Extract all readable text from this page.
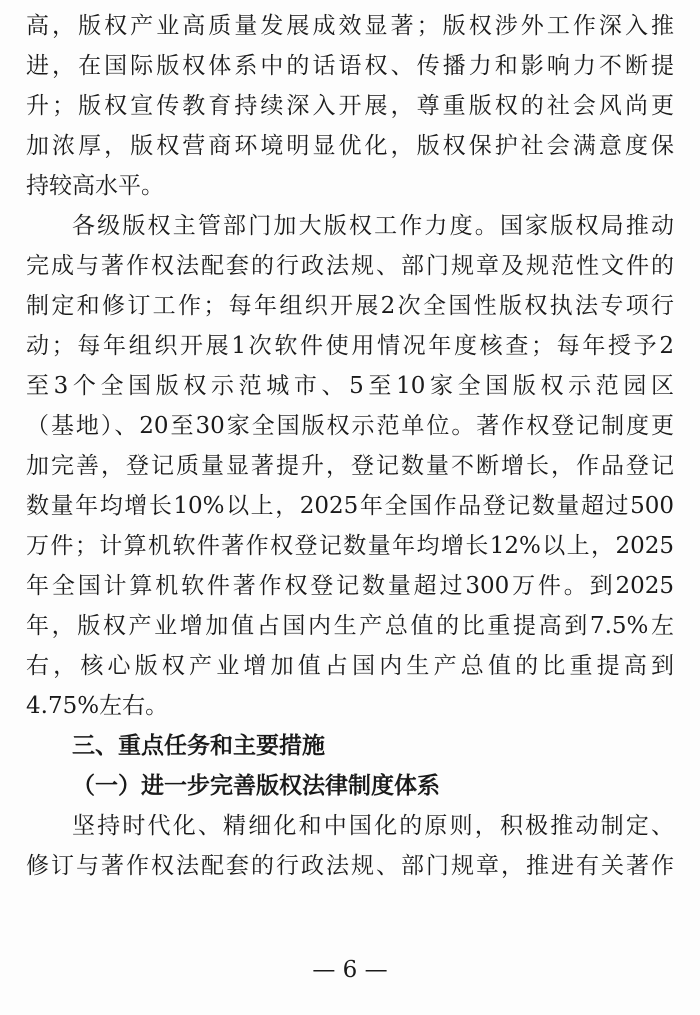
高，版权产业高质量发展成效显著；版权涉外工作深入推
进，在国际版权体系中的话语权、传播力和影响力不断提
升；版权宣传教育持续深入开展，尊重版权的社会风尚更
加浓厚，版权营商环境明显优化，版权保护社会满意度保
持较高水平。
各级版权主管部门加大版权工作力度。国家版权局推动
完成与著作权法配套的行政法规、部门规章及规范性文件的
制定和修订工作；每年组织开展2次全国性版权执法专项行
动；每年组织开展1次软件使用情况年度核查；每年授予2
至3个全国版权示范城市、5至10家全国版权示范园区
（基地）、20至30家全国版权示范单位。著作权登记制度更
加完善，登记质量显著提升，登记数量不断增长，作品登记
数量年均增长10%以上，2025年全国作品登记数量超过500
万件；计算机软件著作权登记数量年均增长12%以上，2025
年全国计算机软件著作权登记数量超过300万件。到2025
年，版权产业增加值占国内生产总值的比重提高到7.5%左
右，核心版权产业增加值占国内生产总值的比重提高到
4.75%左右。
三、重点任务和主要措施
（一）进一步完善版权法律制度体系
坚持时代化、精细化和中国化的原则，积极推动制定、
修订与著作权法配套的行政法规、部门规章，推进有关著作
— 6 —
